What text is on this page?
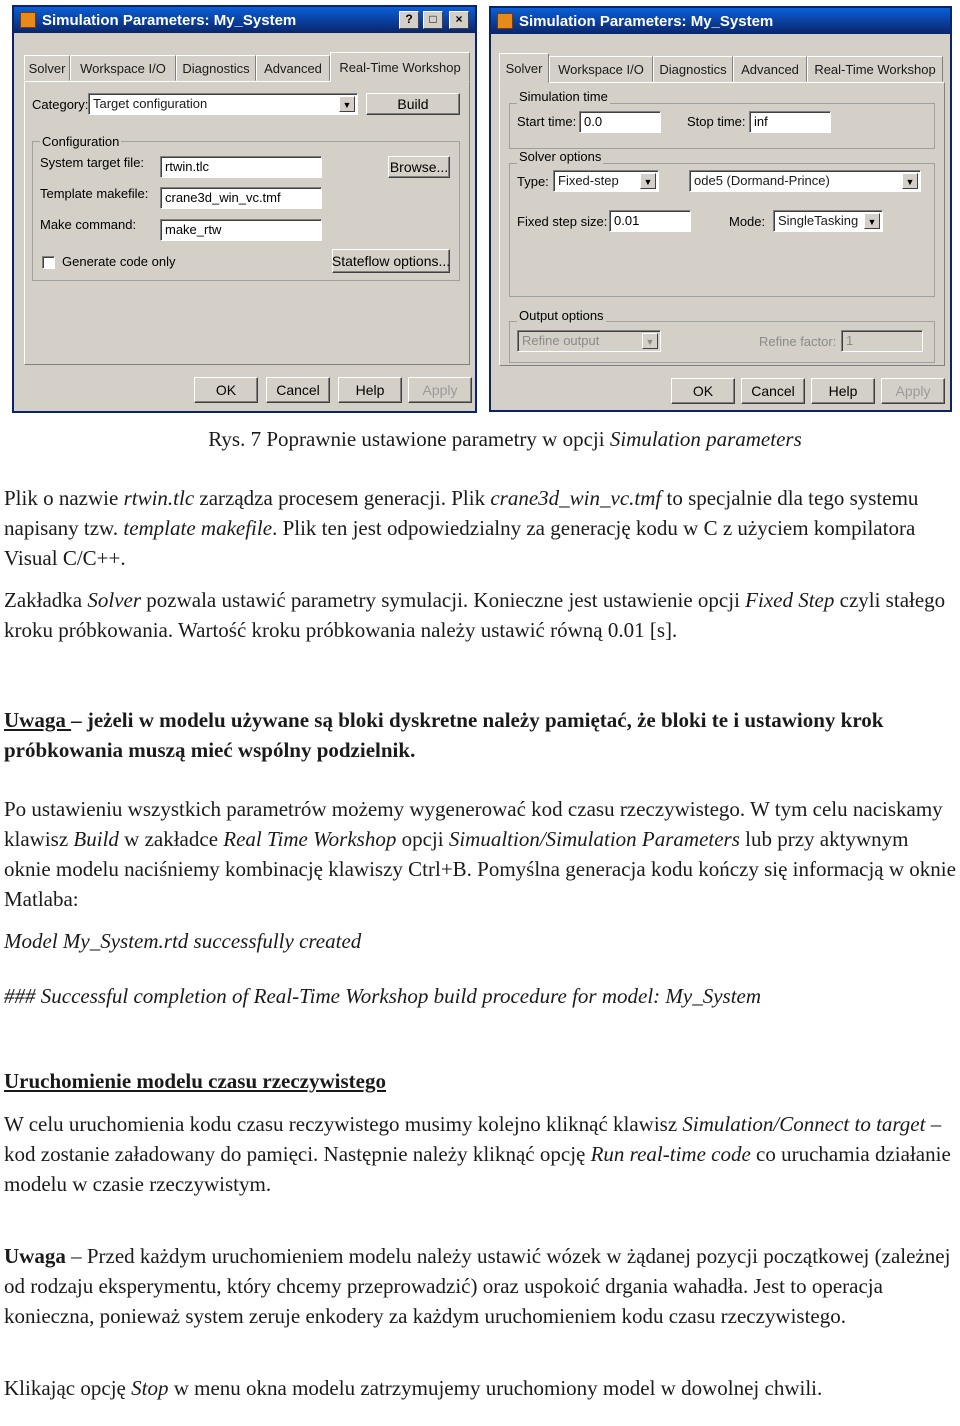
Simulation Parameters: My_System	?	□	×
Solver Workspace I/O Diagnostics Advanced Real-Time Workshop
Category: Target configuration	▼	Build
Configuration
System target file:	rtwin.tlc	Browse...
Template makefile:	crane3d_win_vc.tmf
Make command:	make_rtw
Generate code only	Stateflow options...
OK	Cancel	Help	Apply
Simulation Parameters: My_System
Solver Workspace I/O Diagnostics Advanced Real-Time Workshop
Simulation time
Start time: 0.0	Stop time: inf
Solver options
Type: Fixed-step	▼	ode5 (Dormand-Prince)	▼
Fixed step size: 0.01	Mode: SingleTasking	▼
Output options
Refine output	▼	Refine factor: 1
OK	Cancel Help	Apply
Rys. 7 Poprawnie ustawione parametry w opcji Simulation parameters
Plik o nazwie rtwin.tlc zarządza procesem generacji. Plik crane3d_win_vc.tmf to specjalnie dla tego systemu napisany tzw. template makefile. Plik ten jest odpowiedzialny za generację kodu w C z użyciem kompilatora Visual C/C++.
Zakładka Solver pozwala ustawić parametry symulacji. Konieczne jest ustawienie opcji Fixed Step czyli stałego kroku próbkowania. Wartość kroku próbkowania należy ustawić równą 0.01 [s].
Uwaga – jeżeli w modelu używane są bloki dyskretne należy pamiętać, że bloki te i ustawiony krok próbkowania muszą mieć wspólny podzielnik.
Po ustawieniu wszystkich parametrów możemy wygenerować kod czasu rzeczywistego. W tym celu naciskamy klawisz Build w zakładce Real Time Workshop opcji Simualtion/Simulation Parameters lub przy aktywnym oknie modelu naciśniemy kombinację klawiszy Ctrl+B. Pomyślna generacja kodu kończy się informacją w oknie Matlaba:
Model My_System.rtd successfully created
### Successful completion of Real-Time Workshop build procedure for model: My_System
Uruchomienie modelu czasu rzeczywistego
W celu uruchomienia kodu czasu reczywistego musimy kolejno kliknąć klawisz Simulation/Connect to target – kod zostanie załadowany do pamięci. Następnie należy kliknąć opcję Run real-time code co uruchamia działanie modelu w czasie rzeczywistym.
Uwaga – Przed każdym uruchomieniem modelu należy ustawić wózek w żądanej pozycji początkowej (zależnej od rodzaju eksperymentu, który chcemy przeprowadzić) oraz uspokoić drgania wahadła. Jest to operacja konieczna, ponieważ system zeruje enkodery za każdym uruchomieniem kodu czasu rzeczywistego.
Klikając opcję Stop w menu okna modelu zatrzymujemy uruchomiony model w dowolnej chwili.
